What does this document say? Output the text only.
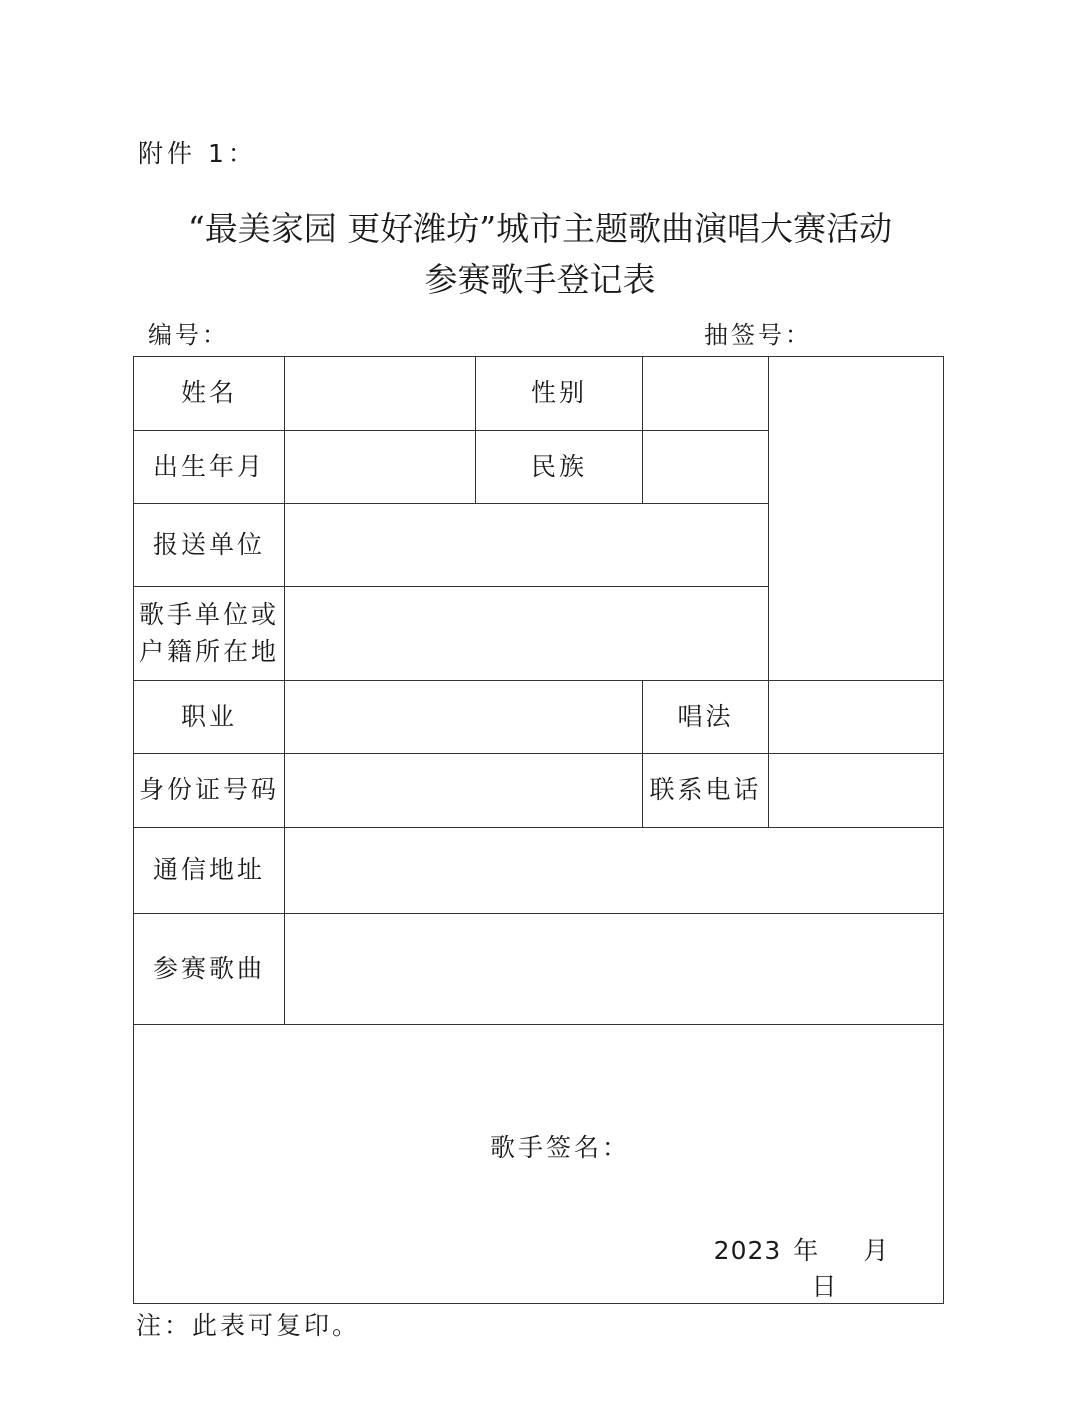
附件 1：
“最美家园 更好潍坊”城市主题歌曲演唱大赛活动
参赛歌手登记表
编号：	抽签号：
姓名		性别		
出生年月		民族		
报送单位				

歌手单位或
户籍所在地				

职业			唱法	
身份证号码			联系电话	
通信地址				
参赛歌曲				

歌手签名：
2023 年 月日				
注：此表可复印。
